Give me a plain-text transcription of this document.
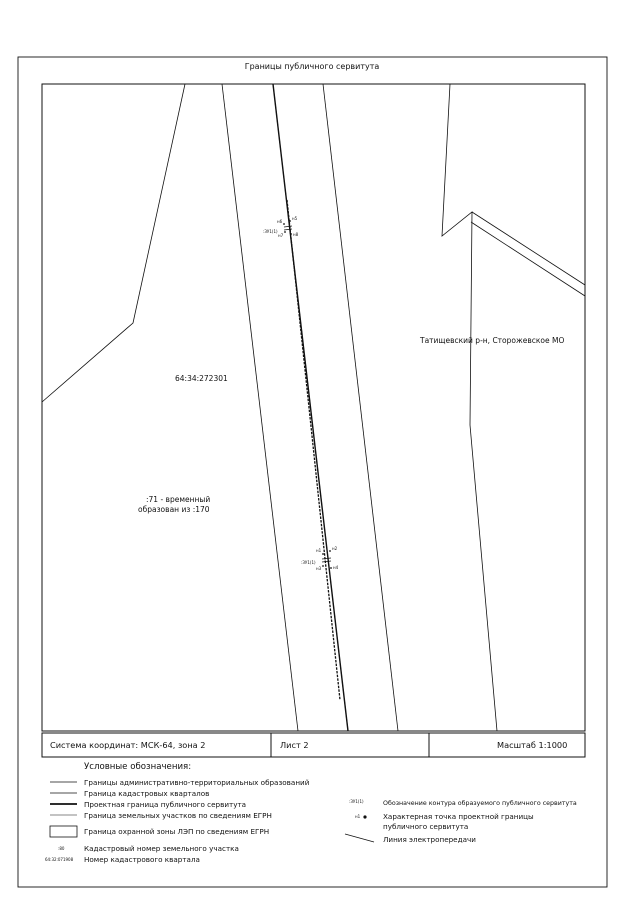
Границы публичного сервитута
64:34:272301
Татищевский р-н, Сторожевское МО
:71 - временный
образован из :170
:ЗУ1(1)
н6
н5
н7 н8
:ЗУ1(1)
н1	н2
н3	н4
Система координат: МСК-64, зона 2	Лист 2	Масштаб 1:1000
Условные обозначения:
Границы административно-территориальных образований
Граница кадастровых кварталов
Проектная граница публичного сервитута
Граница земельных участков по сведениям ЕГРН
Граница охранной зоны ЛЭП по сведениям ЕГРН
:80	Кадастровый номер земельного участка
64:32:071908 Номер кадастрового квартала
:ЗУ1(1)	Обозначение контура образуемого публичного сервитута
н1	Характерная точка проектной границы
публичного сервитута
Линия электропередачи
